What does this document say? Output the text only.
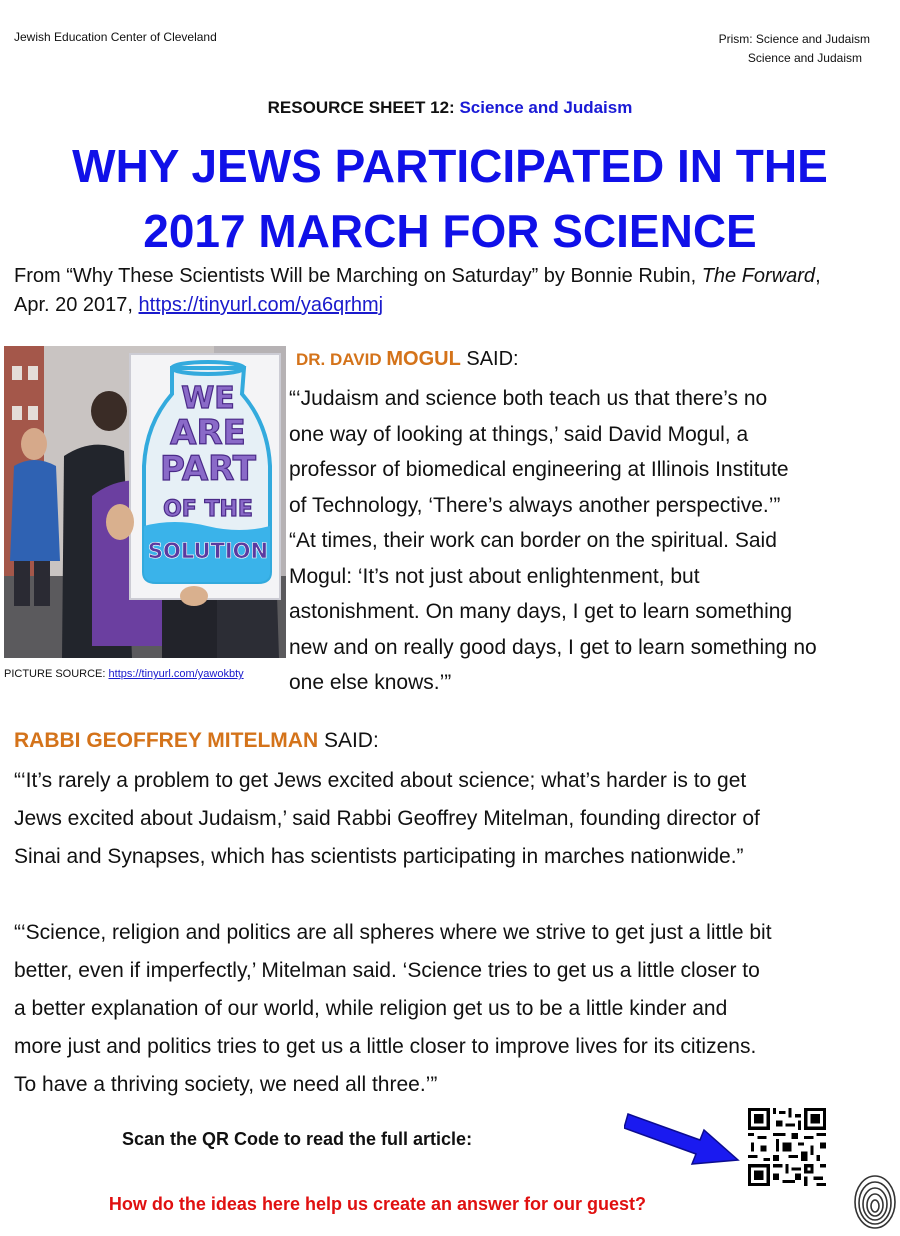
Jewish Education Center of Cleveland	Prism: Science and Judaism
Science and Judaism
RESOURCE SHEET 12: Science and Judaism
WHY JEWS PARTICIPATED IN THE
2017 MARCH FOR SCIENCE
From “Why These Scientists Will be Marching on Saturday” by Bonnie Rubin, The Forward,
Apr. 20 2017, https://tinyurl.com/ya6qrhmj
WE
ARE
PART
OF THE
SOLUTION
PICTURE SOURCE: https://tinyurl.com/yawokbty
DR. DAVID MOGUL SAID:
“‘Judaism and science both teach us that there’s no
one way of looking at things,’ said David Mogul, a
professor of biomedical engineering at Illinois Institute
of Technology, ‘There’s always another perspective.’”
“At times, their work can border on the spiritual. Said
Mogul: ‘It’s not just about enlightenment, but
astonishment. On many days, I get to learn something
new and on really good days, I get to learn something no
one else knows.’”
RABBI GEOFFREY MITELMAN SAID:
“‘It’s rarely a problem to get Jews excited about science; what’s harder is to get
Jews excited about Judaism,’ said Rabbi Geoffrey Mitelman, founding director of
Sinai and Synapses, which has scientists participating in marches nationwide.”
“‘Science, religion and politics are all spheres where we strive to get just a little bit
better, even if imperfectly,’ Mitelman said. ‘Science tries to get us a little closer to
a better explanation of our world, while religion get us to be a little kinder and
more just and politics tries to get us a little closer to improve lives for its citizens.
To have a thriving society, we need all three.’”
Scan the QR Code to read the full article:
How do the ideas here help us create an answer for our guest?
